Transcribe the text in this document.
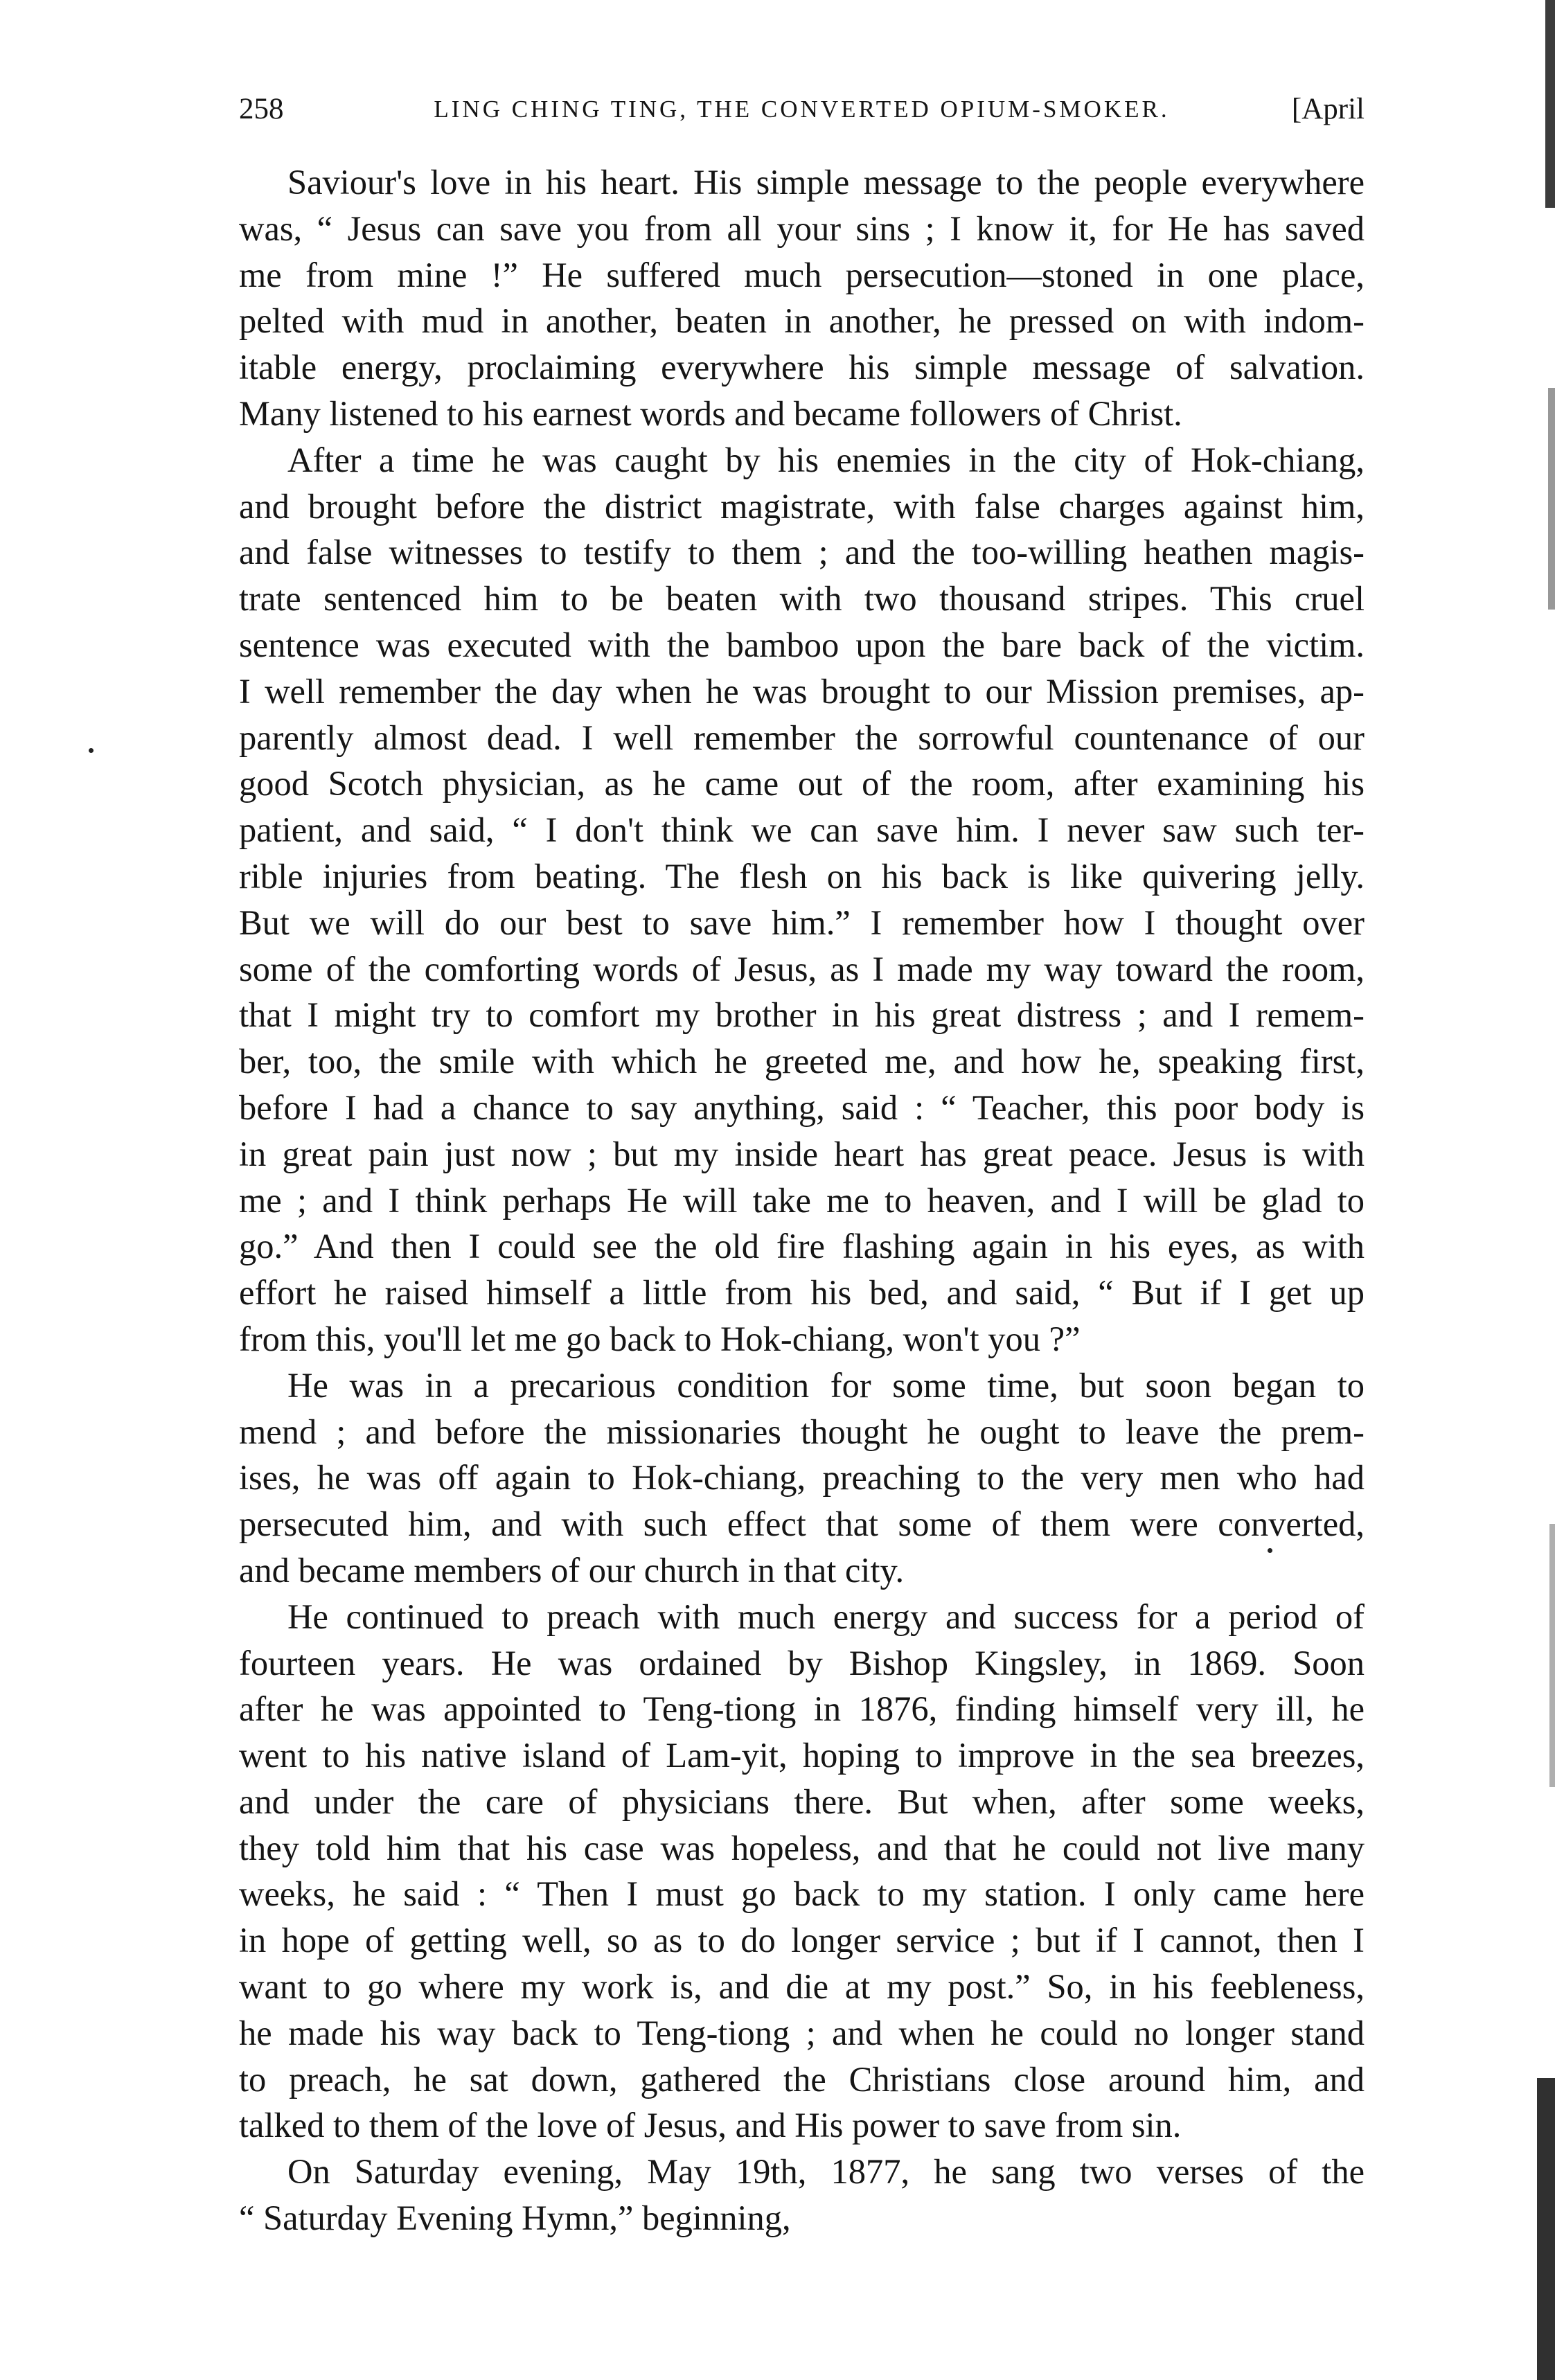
258	LING CHING TING, THE CONVERTED OPIUM-SMOKER.	[April
Saviour's love in his heart. His simple message to the people everywhere
was, “ Jesus can save you from all your sins ; I know it, for He has saved
me from mine !” He suffered much persecution—stoned in one place,
pelted with mud in another, beaten in another, he pressed on with indom-
itable energy, proclaiming everywhere his simple message of salvation.
Many listened to his earnest words and became followers of Christ.
After a time he was caught by his enemies in the city of Hok-chiang,
and brought before the district magistrate, with false charges against him,
and false witnesses to testify to them ; and the too-willing heathen magis-
trate sentenced him to be beaten with two thousand stripes. This cruel
sentence was executed with the bamboo upon the bare back of the victim.
I well remember the day when he was brought to our Mission premises, ap-
parently almost dead. I well remember the sorrowful countenance of our
good Scotch physician, as he came out of the room, after examining his
patient, and said, “ I don't think we can save him. I never saw such ter-
rible injuries from beating. The flesh on his back is like quivering jelly.
But we will do our best to save him.” I remember how I thought over
some of the comforting words of Jesus, as I made my way toward the room,
that I might try to comfort my brother in his great distress ; and I remem-
ber, too, the smile with which he greeted me, and how he, speaking first,
before I had a chance to say anything, said : “ Teacher, this poor body is
in great pain just now ; but my inside heart has great peace. Jesus is with
me ; and I think perhaps He will take me to heaven, and I will be glad to
go.” And then I could see the old fire flashing again in his eyes, as with
effort he raised himself a little from his bed, and said, “ But if I get up
from this, you'll let me go back to Hok-chiang, won't you ?”
He was in a precarious condition for some time, but soon began to
mend ; and before the missionaries thought he ought to leave the prem-
ises, he was off again to Hok-chiang, preaching to the very men who had
persecuted him, and with such effect that some of them were converted,
and became members of our church in that city.
He continued to preach with much energy and success for a period of
fourteen years. He was ordained by Bishop Kingsley, in 1869. Soon
after he was appointed to Teng-tiong in 1876, finding himself very ill, he
went to his native island of Lam-yit, hoping to improve in the sea breezes,
and under the care of physicians there. But when, after some weeks,
they told him that his case was hopeless, and that he could not live many
weeks, he said : “ Then I must go back to my station. I only came here
in hope of getting well, so as to do longer service ; but if I cannot, then I
want to go where my work is, and die at my post.” So, in his feebleness,
he made his way back to Teng-tiong ; and when he could no longer stand
to preach, he sat down, gathered the Christians close around him, and
talked to them of the love of Jesus, and His power to save from sin.
On Saturday evening, May 19th, 1877, he sang two verses of the
“ Saturday Evening Hymn,” beginning,
